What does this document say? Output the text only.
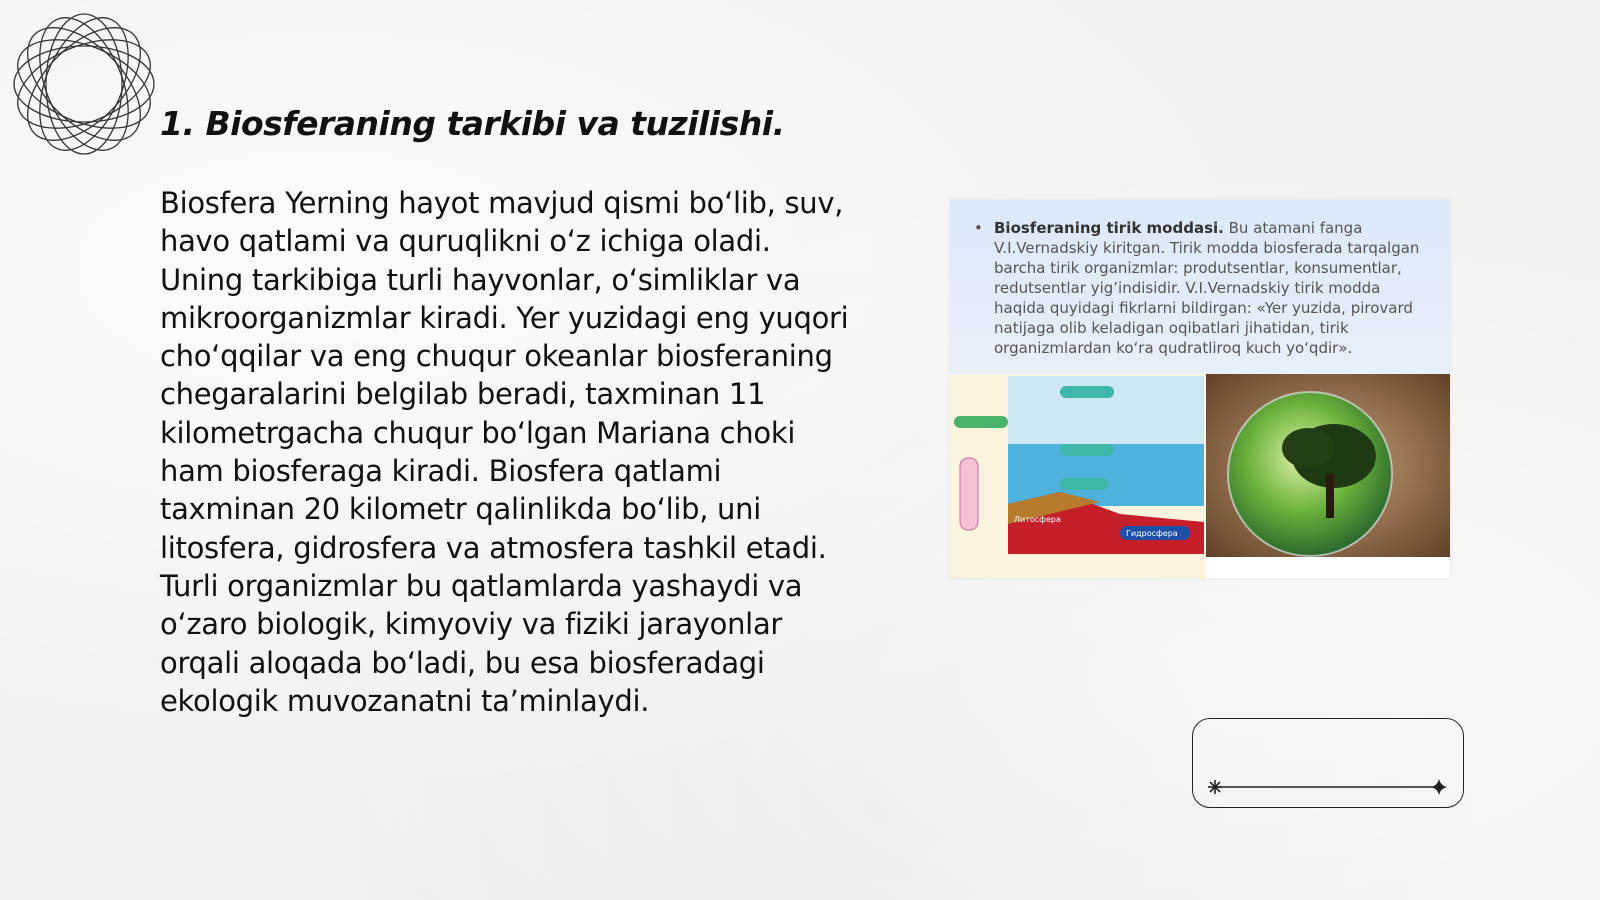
1. Biosferaning tarkibi va tuzilishi.

Biosfera Yerning hayot mavjud qismi bo‘lib, suv, havo qatlami va quruqlikni o‘z ichiga oladi. Uning tarkibiga turli hayvonlar, o‘simliklar va mikroorganizmlar kiradi. Yer yuzidagi eng yuqori cho‘qqilar va eng chuqur okeanlar biosferaning chegaralarini belgilab beradi, taxminan 11 kilometrgacha chuqur bo‘lgan Mariana choki ham biosferaga kiradi. Biosfera qatlami taxminan 20 kilometr qalinlikda bo‘lib, uni litosfera, gidrosfera va atmosfera tashkil etadi. Turli organizmlar bu qatlamlarda yashaydi va o‘zaro biologik, kimyoviy va fiziki jarayonlar orqali aloqada bo‘ladi, bu esa biosferadagi ekologik muvozanatni ta’minlaydi.

• Biosferaning tirik moddasi. Bu atamani fanga V.I.Vernadskiy kiritgan. Tirik modda biosferada tarqalgan barcha tirik organizmlar: produtsentlar, konsumentlar, redutsentlar yig’indisidir. V.I.Vernadskiy tirik modda haqida quyidagi fikrlarni bildirgan: «Yer yuzida, pirovard natijaga olib keladigan oqibatlari jihatidan, tirik organizmlardan ko‘ra qudratliroq kuch yo‘qdir».
Литосфера
Гидросфера
